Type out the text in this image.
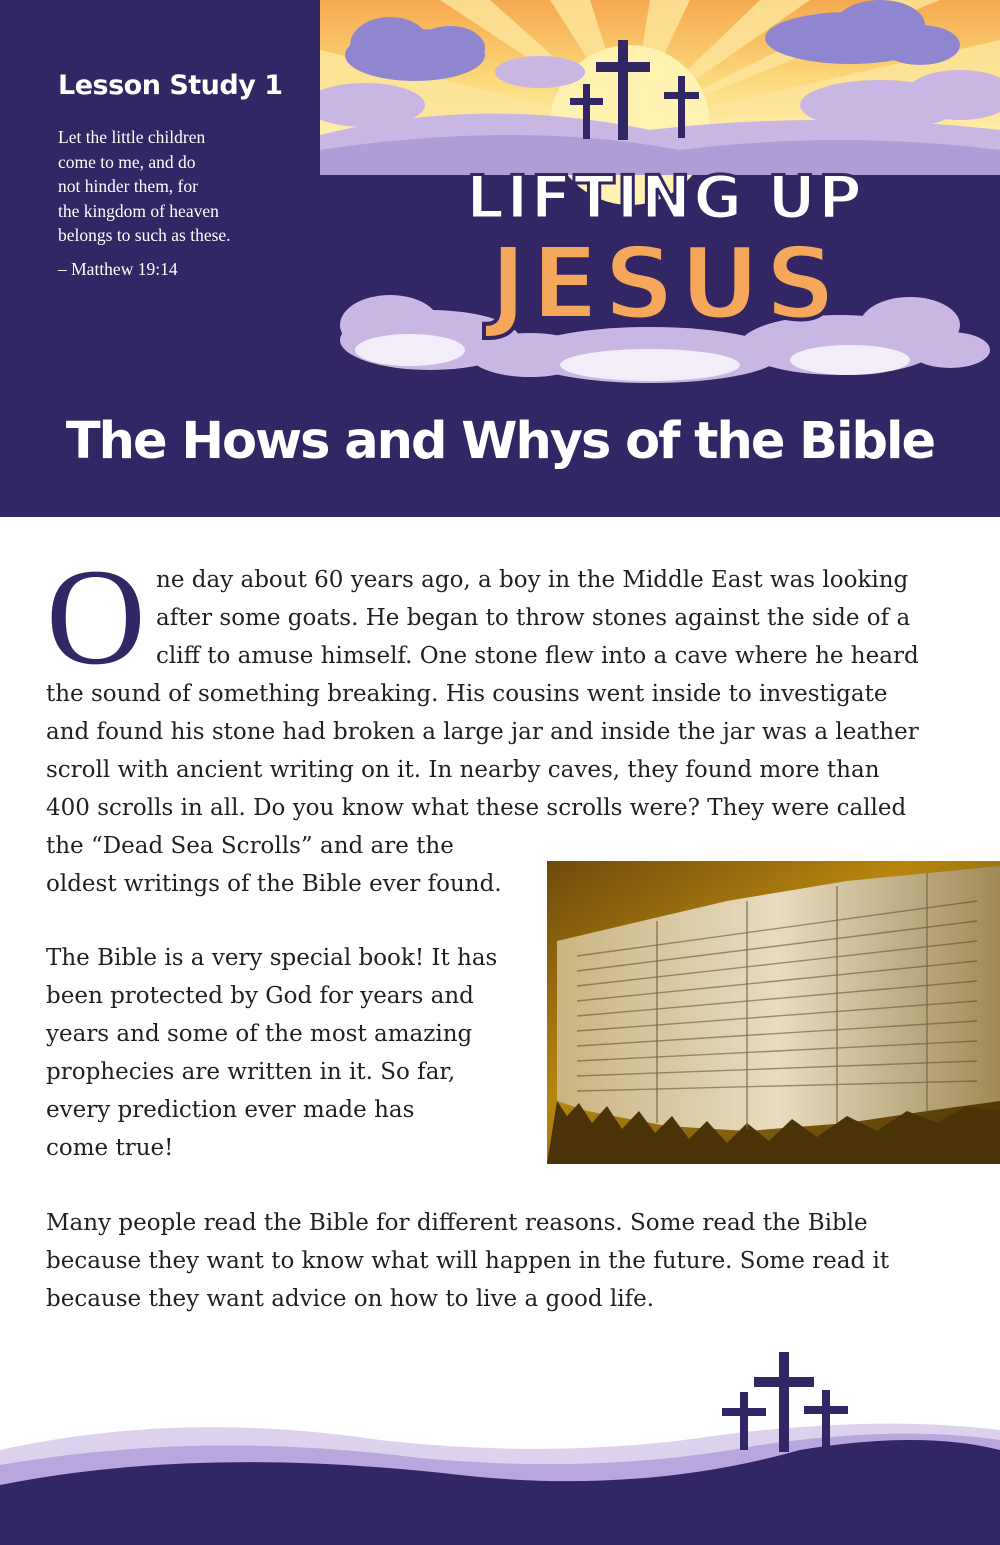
Lesson Study 1

Let the little children
come to me, and do
not hinder them, for
the kingdom of heaven
belongs to such as these.

– Matthew 19:14
LIFTING UP
JESUS
The Hows and Whys of the Bible
O ne day about 60 years ago, a boy in the Middle East was looking
after some goats. He began to throw stones against the side of a
cliff to amuse himself. One stone flew into a cave where he heard
the sound of something breaking. His cousins went inside to investigate
and found his stone had broken a large jar and inside the jar was a leather
scroll with ancient writing on it. In nearby caves, they found more than
400 scrolls in all. Do you know what these scrolls were? They were called
the “Dead Sea Scrolls” and are the
oldest writings of the Bible ever found.
The Bible is a very special book! It has
been protected by God for years and
years and some of the most amazing
prophecies are written in it. So far,
every prediction ever made has
come true!
Many people read the Bible for different reasons. Some read the Bible
because they want to know what will happen in the future. Some read it
because they want advice on how to live a good life.
